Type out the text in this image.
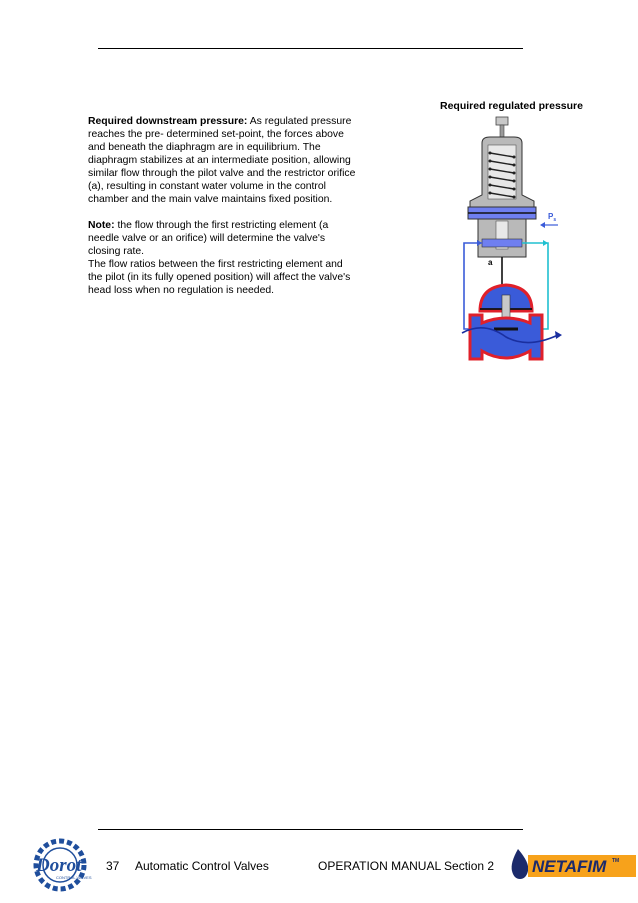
Required regulated pressure

Required downstream pressure: As regulated pressure reaches the pre- determined set-point, the forces above and beneath the diaphragm are in equilibrium. The diaphragm stabilizes at an intermediate position, allowing similar flow through the pilot valve and the restrictor orifice (a), resulting in constant water volume in the control chamber and the main valve maintains fixed position.

Note: the flow through the first restricting element (a needle valve or an orifice) will determine the valve's closing rate.

The flow ratios between the first restricting element and the pilot (in its fully opened position) will affect the valve's head loss when no regulation is needed.

$P_s$
a
Dorot
CONTROL VALVES
37 Automatic Control Valves	OPERATION MANUAL Section 2 NETAFIM TM
